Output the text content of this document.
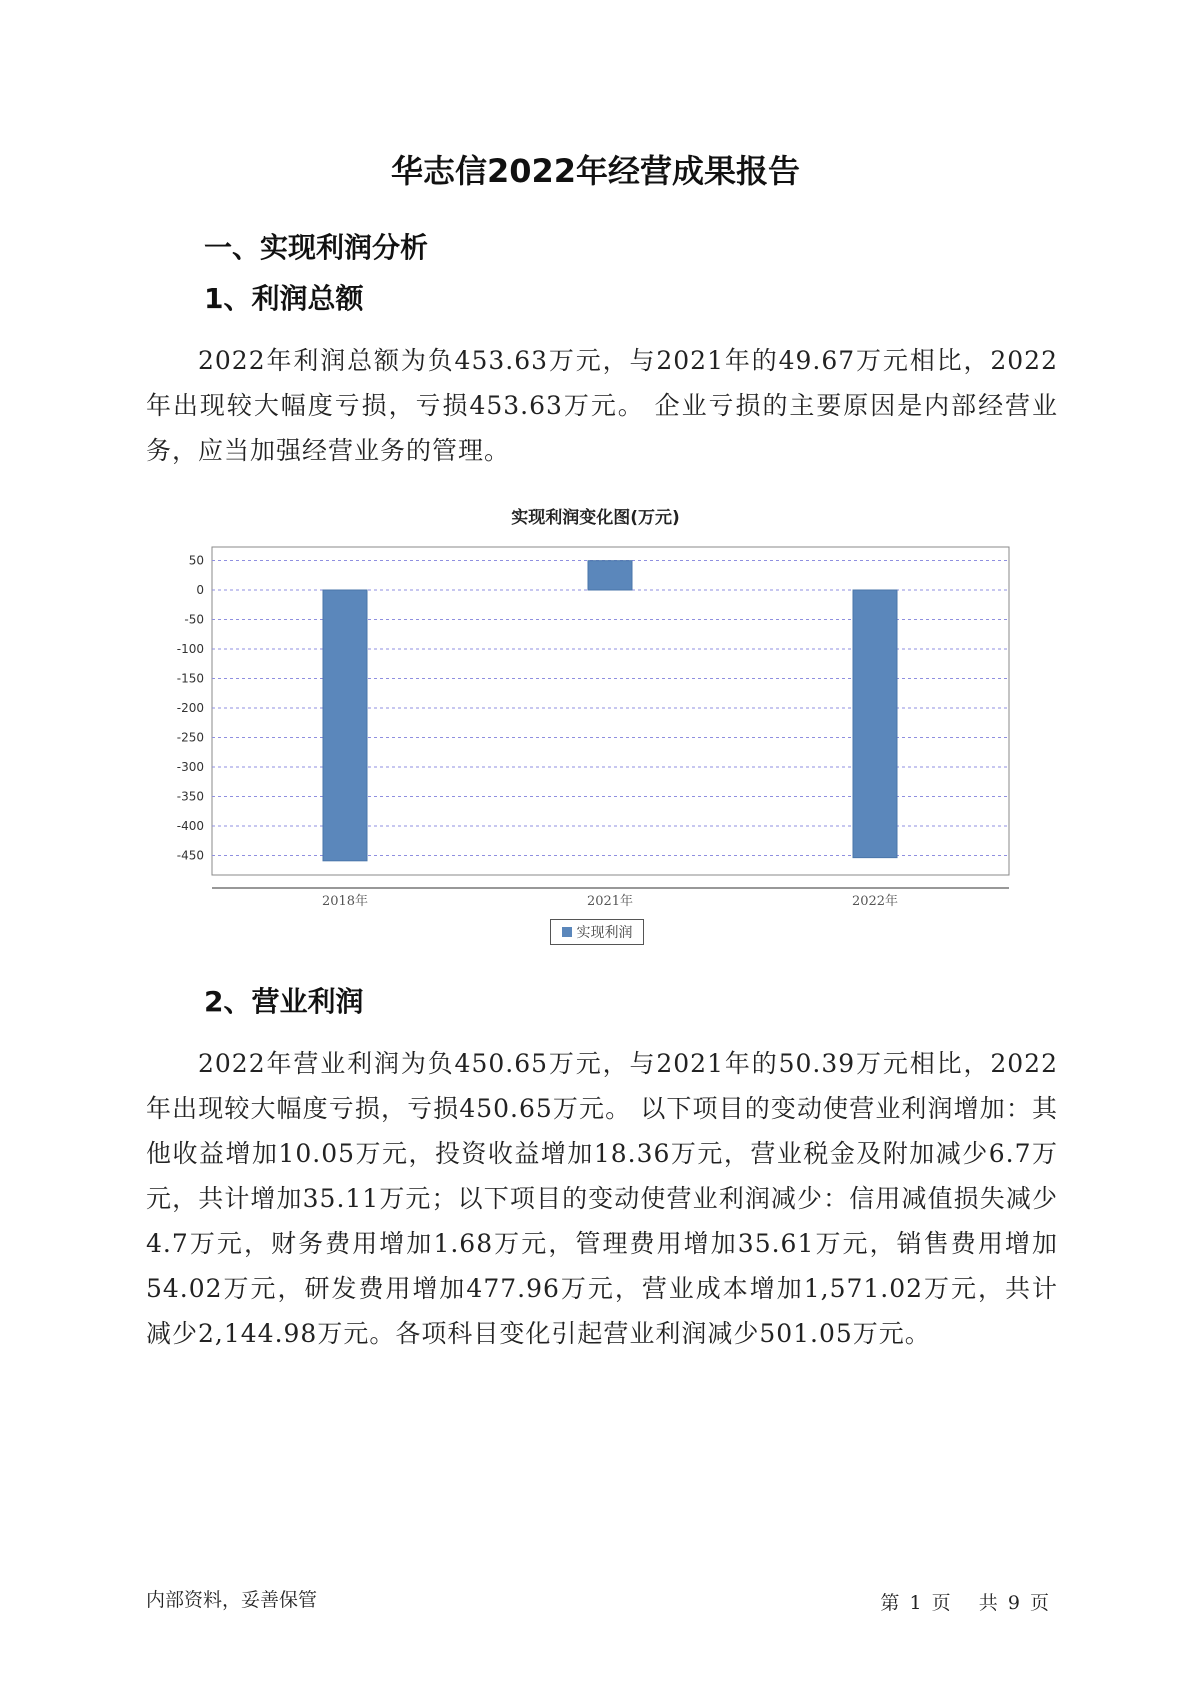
华志信2022年经营成果报告
一、实现利润分析
1、利润总额
2022年利润总额为负453.63万元，与2021年的49.67万元相比，2022年出现较大幅度亏损，亏损453.63万元。 企业亏损的主要原因是内部经营业务，应当加强经营业务的管理。
实现利润变化图(万元)
50
0
-50
-100
-150
-200
-250
-300
-350
-400
-450
2018年	2021年	2022年
实现利润
2、营业利润
2022年营业利润为负450.65万元，与2021年的50.39万元相比，2022年出现较大幅度亏损，亏损450.65万元。 以下项目的变动使营业利润增加：其他收益增加10.05万元，投资收益增加18.36万元，营业税金及附加减少6.7万元，共计增加35.11万元；以下项目的变动使营业利润减少：信用减值损失减少4.7万元，财务费用增加1.68万元，管理费用增加35.61万元，销售费用增加54.02万元，研发费用增加477.96万元，营业成本增加1,571.02万元，共计减少2,144.98万元。各项科目变化引起营业利润减少501.05万元。
内部资料，妥善保管	第 1 页 共 9 页
